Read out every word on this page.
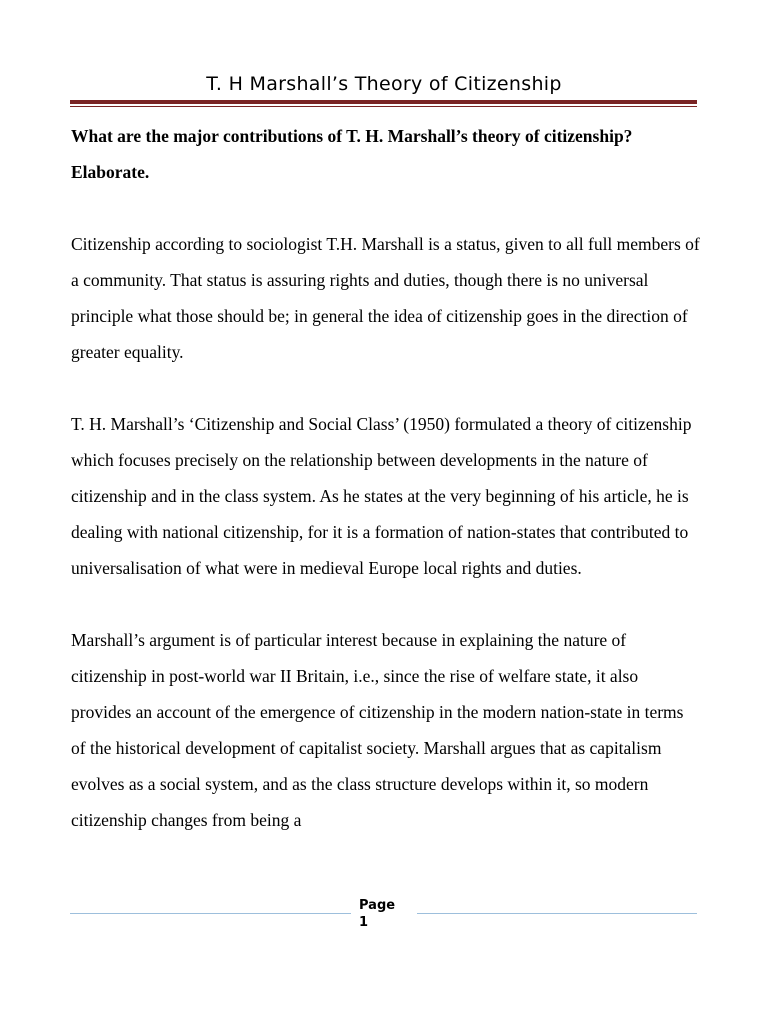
T. H Marshall’s Theory of Citizenship

What are the major contributions of T. H. Marshall’s theory of citizenship? Elaborate.

Citizenship according to sociologist T.H. Marshall is a status, given to all full members of a community. That status is assuring rights and duties, though there is no universal principle what those should be; in general the idea of citizenship goes in the direction of greater equality.

T. H. Marshall’s ‘Citizenship and Social Class’ (1950) formulated a theory of citizenship which focuses precisely on the relationship between developments in the nature of citizenship and in the class system. As he states at the very beginning of his article, he is dealing with national citizenship, for it is a formation of nation-states that contributed to universalisation of what were in medieval Europe local rights and duties.

Marshall’s argument is of particular interest because in explaining the nature of citizenship in post-world war II Britain, i.e., since the rise of welfare state, it also provides an account of the emergence of citizenship in the modern nation-state in terms of the historical development of capitalist society. Marshall argues that as capitalism evolves as a social system, and as the class structure develops within it, so modern citizenship changes from being a

Page
1
